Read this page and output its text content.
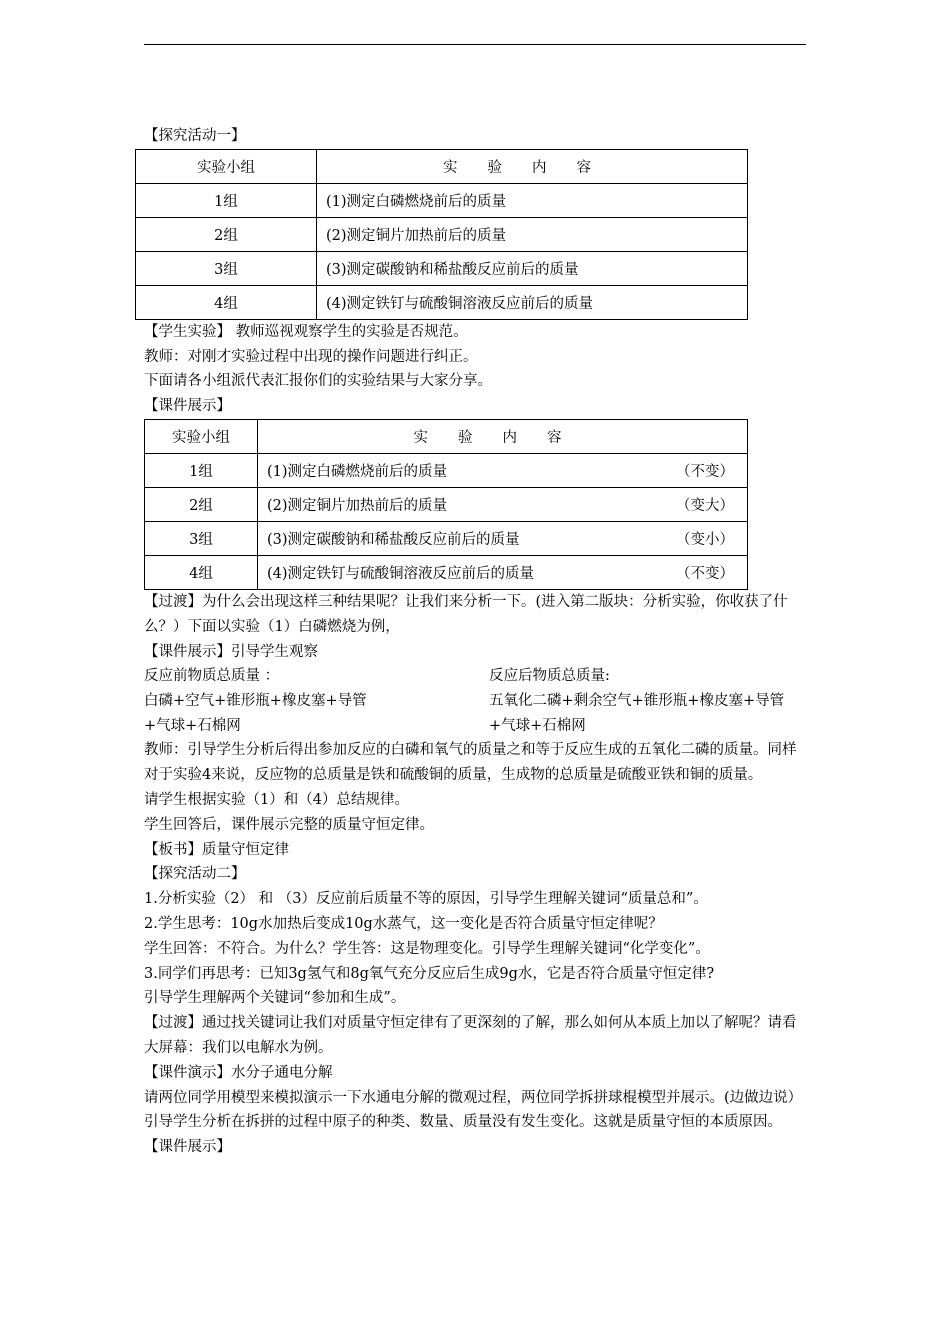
【探究活动一】
实验小组	实验内容
1组	(1)测定白磷燃烧前后的质量
2组	(2)测定铜片加热前后的质量
3组	(3)测定碳酸钠和稀盐酸反应前后的质量
4组	(4)测定铁钉与硫酸铜溶液反应前后的质量
【学生实验】 教师巡视观察学生的实验是否规范。
教师：对刚才实验过程中出现的操作问题进行纠正。
下面请各小组派代表汇报你们的实验结果与大家分享。
【课件展示】
实验小组	实验内容
1组	(1)测定白磷燃烧前后的质量 （不变）

2组	(2)测定铜片加热前后的质量 （变大）

3组	(3)测定碳酸钠和稀盐酸反应前后的质量 （变小）

4组	(4)测定铁钉与硫酸铜溶液反应前后的质量 （不变）
【过渡】为什么会出现这样三种结果呢？让我们来分析一下。(进入第二版块：分析实验，你收获了什么？）下面以实验（1）白磷燃烧为例，
【课件展示】引导学生观察
反应前物质总质量 ：
白磷+空气+锥形瓶+橡皮塞+导管
反应后物质总质量:
五氧化二磷+剩余空气+锥形瓶+橡皮塞+导管
+气球+石棉网
+气球+石棉网
教师：引导学生分析后得出参加反应的白磷和氧气的质量之和等于反应生成的五氧化二磷的质量。同样对于实验4来说，反应物的总质量是铁和硫酸铜的质量，生成物的总质量是硫酸亚铁和铜的质量。
请学生根据实验（1）和（4）总结规律。
学生回答后，课件展示完整的质量守恒定律。
【板书】质量守恒定律
【探究活动二】
1.分析实验（2） 和 （3）反应前后质量不等的原因，引导学生理解关键词“质量总和”。
2.学生思考：10g水加热后变成10g水蒸气，这一变化是否符合质量守恒定律呢？
学生回答：不符合。为什么？学生答：这是物理变化。引导学生理解关键词“化学变化”。
3.同学们再思考：已知3g氢气和8g氧气充分反应后生成9g水，它是否符合质量守恒定律?
引导学生理解两个关键词“参加和生成”。
【过渡】通过找关键词让我们对质量守恒定律有了更深刻的了解，那么如何从本质上加以了解呢？请看大屏幕：我们以电解水为例。
【课件演示】水分子通电分解
请两位同学用模型来模拟演示一下水通电分解的微观过程，两位同学拆拼球棍模型并展示。(边做边说）引导学生分析在拆拼的过程中原子的种类、数量、质量没有发生变化。这就是质量守恒的本质原因。
【课件展示】
